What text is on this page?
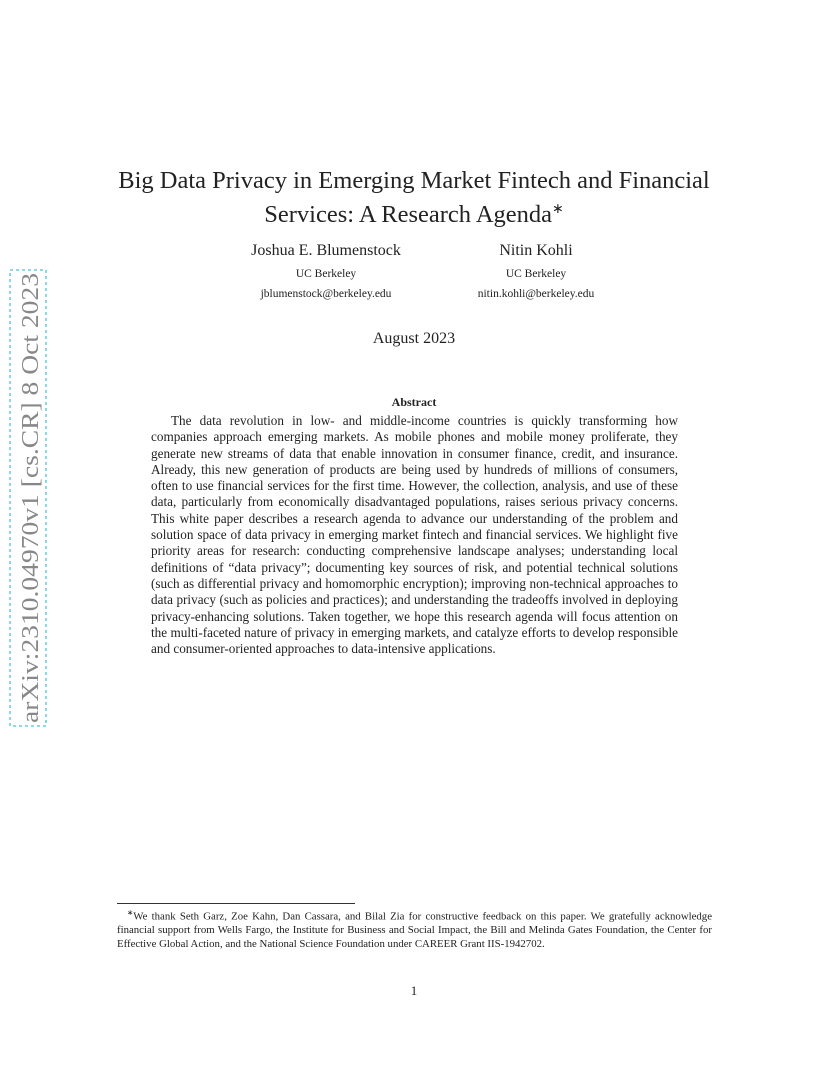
arXiv:2310.04970v1 [cs.CR] 8 Oct 2023
Big Data Privacy in Emerging Market Fintech and Financial
Services: A Research Agenda∗
Joshua E. Blumenstock
UC Berkeley
jblumenstock@berkeley.edu
Nitin Kohli
UC Berkeley
nitin.kohli@berkeley.edu
August 2023
Abstract
The data revolution in low- and middle-income countries is quickly transforming how companies approach emerging markets. As mobile phones and mobile money proliferate, they generate new streams of data that enable innovation in consumer finance, credit, and insurance. Already, this new generation of products are being used by hundreds of millions of consumers, often to use financial services for the first time. However, the collection, analysis, and use of these data, particularly from economically disadvantaged populations, raises serious privacy concerns. This white paper describes a research agenda to advance our understanding of the problem and solution space of data privacy in emerging market fintech and financial services. We highlight five priority areas for research: conducting comprehensive landscape analyses; understanding local definitions of “data privacy”; documenting key sources of risk, and potential technical solutions (such as differential privacy and homomorphic encryption); improving non-technical approaches to data privacy (such as policies and practices); and understanding the tradeoffs involved in deploying privacy-enhancing solutions. Taken together, we hope this research agenda will focus attention on the multi-faceted nature of privacy in emerging markets, and catalyze efforts to develop responsible and consumer-oriented approaches to data-intensive applications.
∗We thank Seth Garz, Zoe Kahn, Dan Cassara, and Bilal Zia for constructive feedback on this paper. We gratefully acknowledge financial support from Wells Fargo, the Institute for Business and Social Impact, the Bill and Melinda Gates Foundation, the Center for Effective Global Action, and the National Science Foundation under CAREER Grant IIS-1942702.
1
